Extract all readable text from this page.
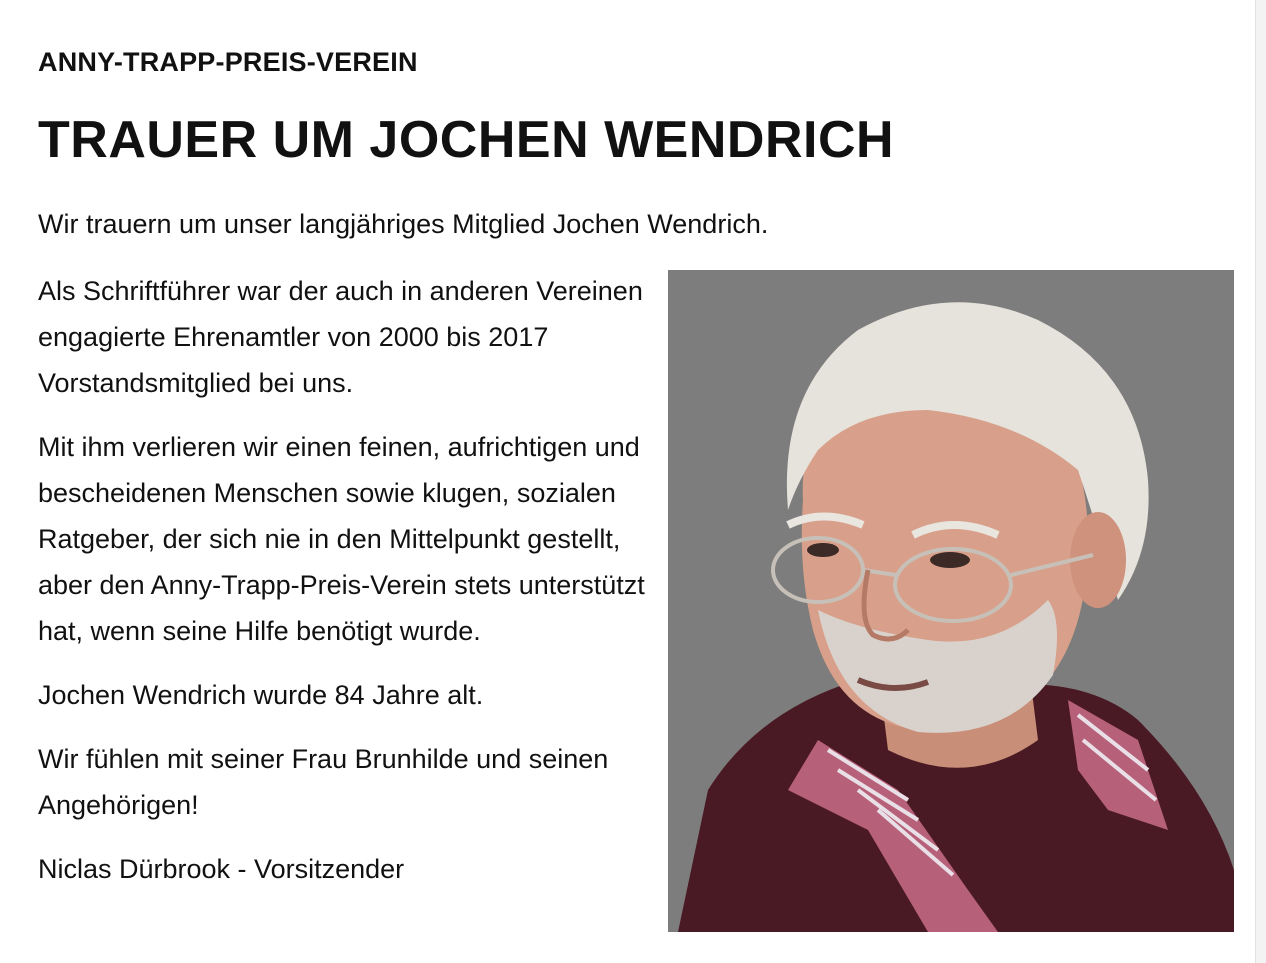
ANNY-TRAPP-PREIS-VEREIN
TRAUER UM JOCHEN WENDRICH

Wir trauern um unser langjähriges Mitglied Jochen Wendrich.

Als Schriftführer war der auch in anderen Vereinen engagierte Ehrenamtler von 2000 bis 2017 Vorstandsmitglied bei uns.

Mit ihm verlieren wir einen feinen, aufrichtigen und bescheidenen Menschen sowie klugen, sozialen Ratgeber, der sich nie in den Mittelpunkt gestellt, aber den Anny-Trapp-Preis-Verein stets unterstützt hat, wenn seine Hilfe benötigt wurde.

Jochen Wendrich wurde 84 Jahre alt.

Wir fühlen mit seiner Frau Brunhilde und seinen Angehörigen!

Niclas Dürbrook - Vorsitzender
